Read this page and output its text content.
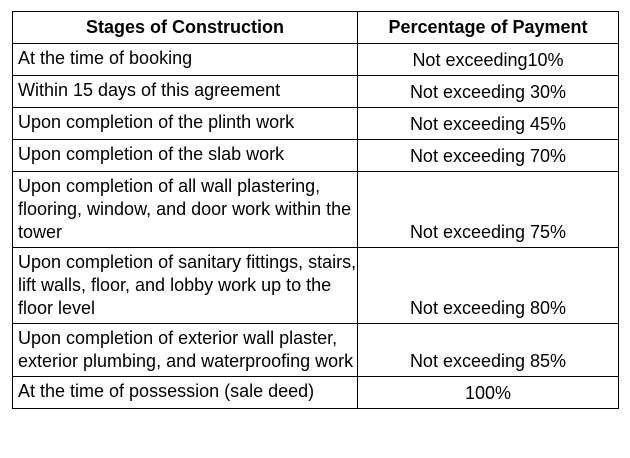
Stages of Construction	Percentage of Payment
At the time of booking	Not exceeding10%
Within 15 days of this agreement	Not exceeding 30%
Upon completion of the plinth work	Not exceeding 45%
Upon completion of the slab work	Not exceeding 70%
Upon completion of all wall plastering, flooring, window, and door work within the tower	Not exceeding 75%
Upon completion of sanitary fittings, stairs, lift walls, floor, and lobby work up to the floor level	Not exceeding 80%
Upon completion of exterior wall plaster, exterior plumbing, and waterproofing work	Not exceeding 85%
At the time of possession (sale deed)	100%
